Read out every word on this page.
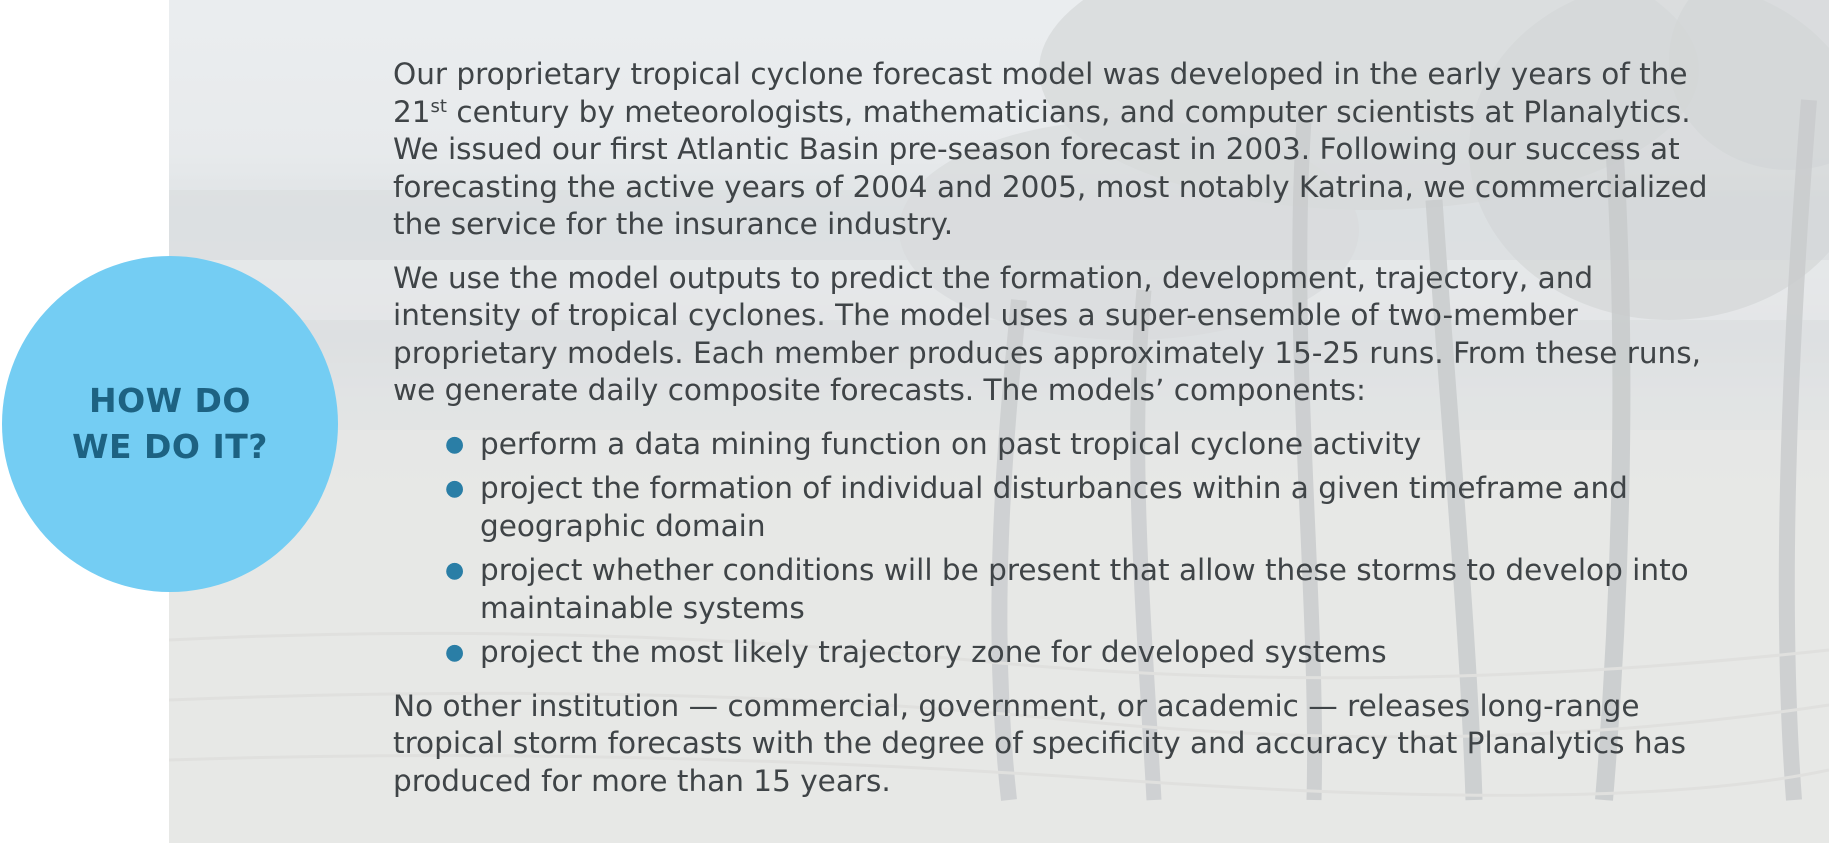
HOW DO
WE DO IT?

Our proprietary tropical cyclone forecast model was developed in the early years of the 21st century by meteorologists, mathematicians, and computer scientists at Planalytics. We issued our first Atlantic Basin pre-season forecast in 2003. Following our success at forecasting the active years of 2004 and 2005, most notably Katrina, we commercialized the service for the insurance industry.

We use the model outputs to predict the formation, development, trajectory, and intensity of tropical cyclones. The model uses a super-ensemble of two-member proprietary models. Each member produces approximately 15-25 runs. From these runs, we generate daily composite forecasts. The models’ components:

● perform a data mining function on past tropical cyclone activity
● project the formation of individual disturbances within a given timeframe and geographic domain
● project whether conditions will be present that allow these storms to develop into maintainable systems
● project the most likely trajectory zone for developed systems

No other institution — commercial, government, or academic — releases long-range tropical storm forecasts with the degree of specificity and accuracy that Planalytics has produced for more than 15 years.
